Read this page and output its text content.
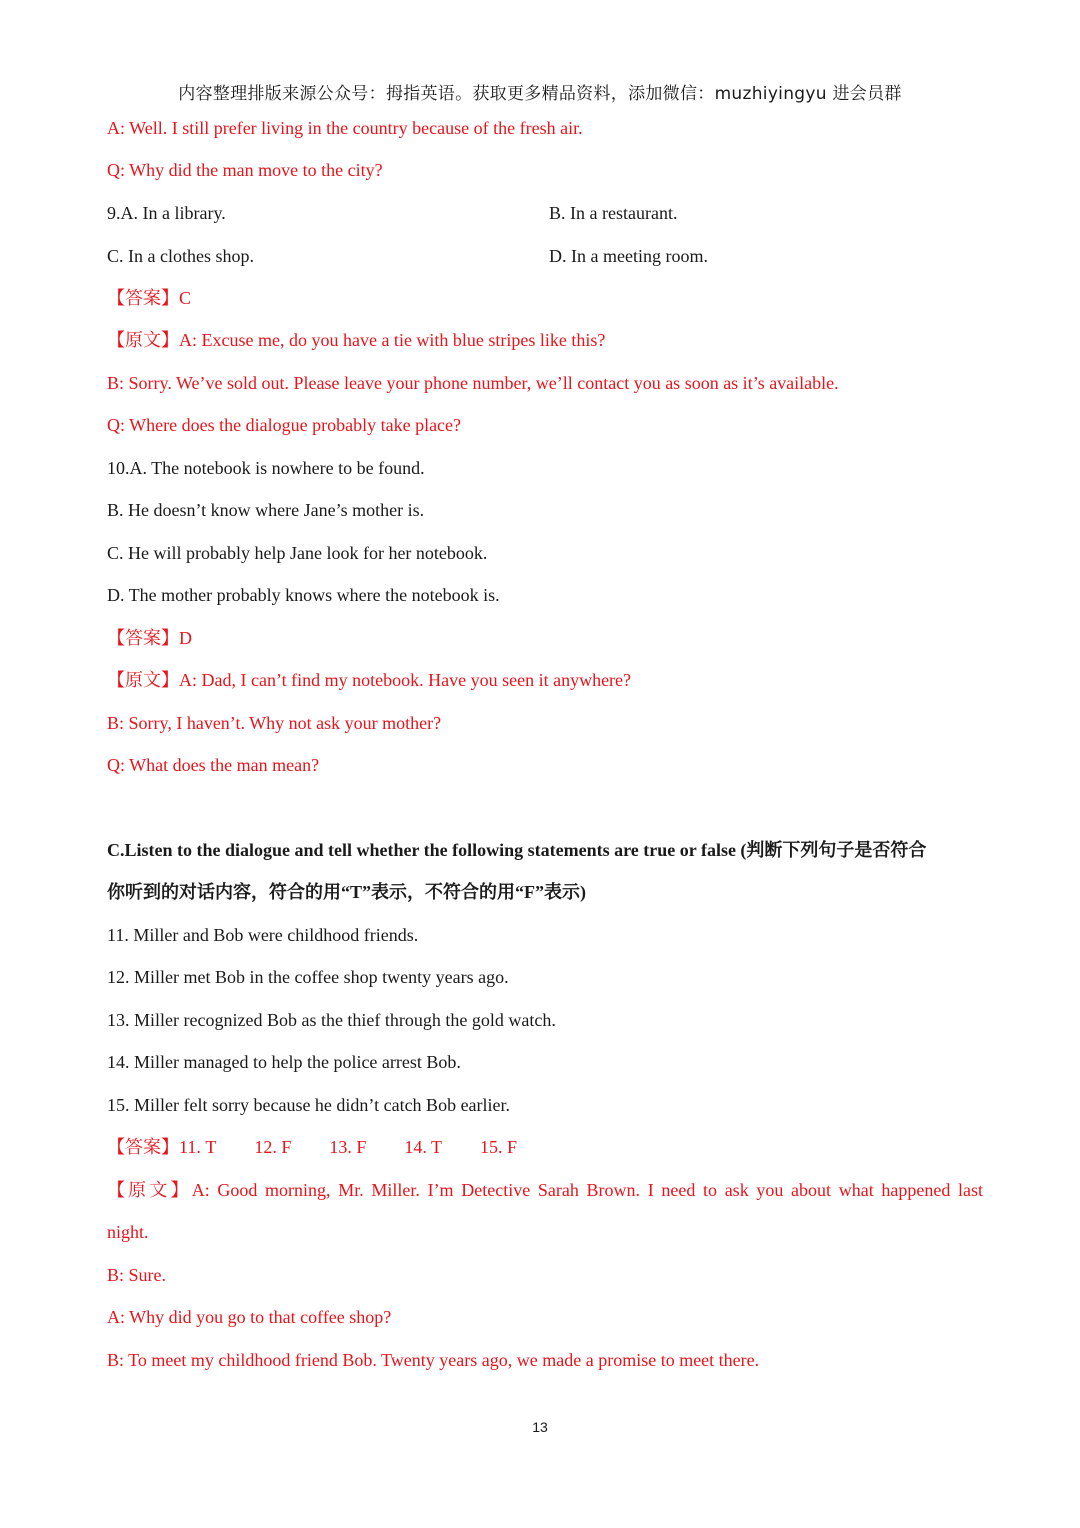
内容整理排版来源公众号：拇指英语。获取更多精品资料，添加微信：muzhiyingyu 进会员群
A: Well. I still prefer living in the country because of the fresh air.
Q: Why did the man move to the city?
9.A. In a library.	B. In a restaurant.
C. In a clothes shop.	D. In a meeting room.
【答案】C
【原文】A: Excuse me, do you have a tie with blue stripes like this?
B: Sorry. We’ve sold out. Please leave your phone number, we’ll contact you as soon as it’s available.
Q: Where does the dialogue probably take place?
10.A. The notebook is nowhere to be found.
B. He doesn’t know where Jane’s mother is.
C. He will probably help Jane look for her notebook.
D. The mother probably knows where the notebook is.
【答案】D
【原文】A: Dad, I can’t find my notebook. Have you seen it anywhere?
B: Sorry, I haven’t. Why not ask your mother?
Q: What does the man mean?
C.Listen to the dialogue and tell whether the following statements are true or false (判断下列句子是否符合
你听到的对话内容，符合的用“T”表示，不符合的用“F”表示)
11. Miller and Bob were childhood friends.
12. Miller met Bob in the coffee shop twenty years ago.
13. Miller recognized Bob as the thief through the gold watch.
14. Miller managed to help the police arrest Bob.
15. Miller felt sorry because he didn’t catch Bob earlier.
【答案】11. T 12. F 13. F 14. T 15. F
【原文】A: Good morning, Mr. Miller. I’m Detective Sarah Brown. I need to ask you about what happened last
night.
B: Sure.
A: Why did you go to that coffee shop?
B: To meet my childhood friend Bob. Twenty years ago, we made a promise to meet there.
13
